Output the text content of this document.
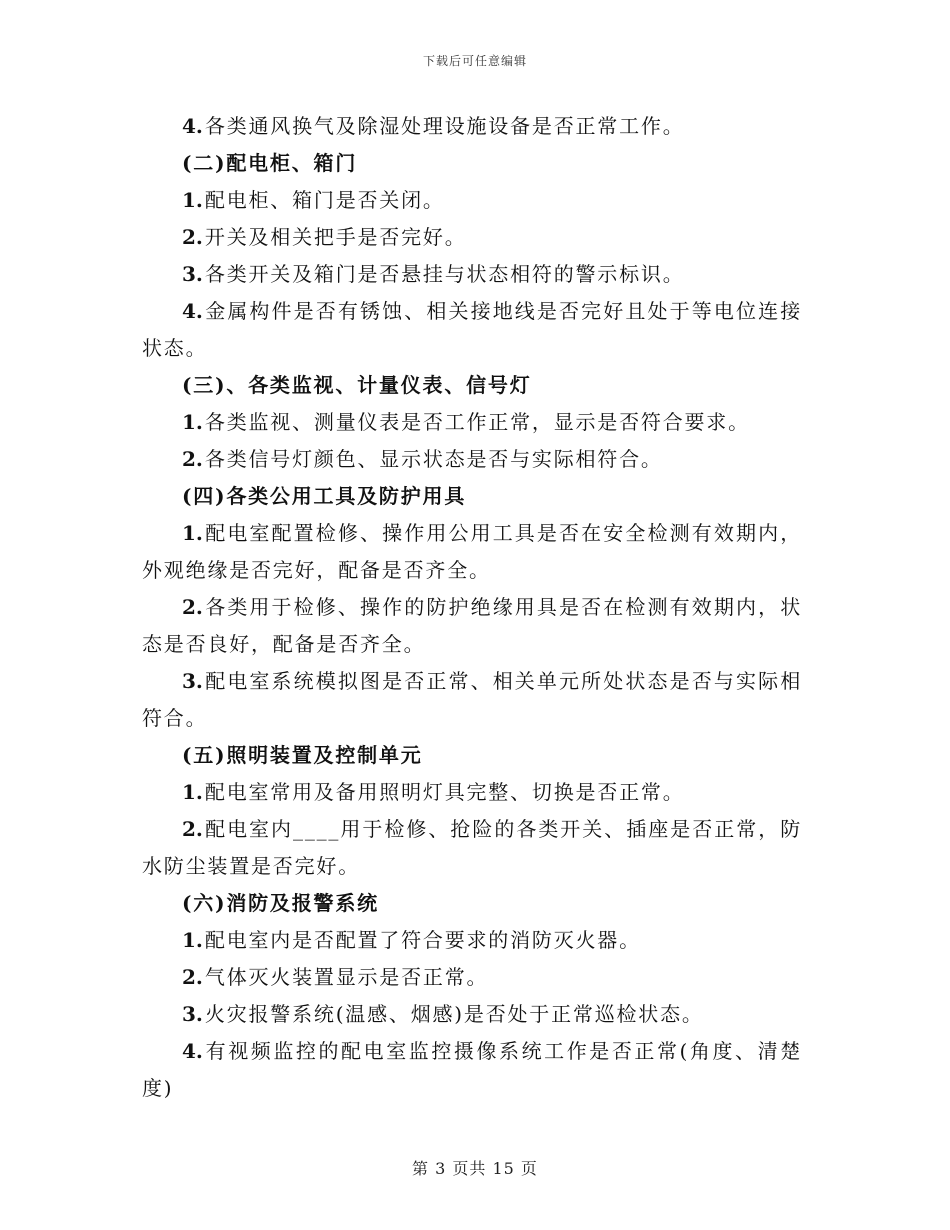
下载后可任意编辑

4. 各类通风换气及除湿处理设施设备是否正常工作。

(二)配电柜、箱门

1. 配电柜、箱门是否关闭。

2. 开关及相关把手是否完好。

3. 各类开关及箱门是否悬挂与状态相符的警示标识。

4. 金属构件是否有锈蚀、相关接地线是否完好且处于等电位连接状态。

(三)、各类监视、计量仪表、信号灯

1. 各类监视、测量仪表是否工作正常，显示是否符合要求。

2. 各类信号灯颜色、显示状态是否与实际相符合。

(四)各类公用工具及防护用具

1. 配电室配置检修、操作用公用工具是否在安全检测有效期内，外观绝缘是否完好，配备是否齐全。

2. 各类用于检修、操作的防护绝缘用具是否在检测有效期内，状态是否良好，配备是否齐全。

3. 配电室系统模拟图是否正常、相关单元所处状态是否与实际相符合。

(五)照明装置及控制单元

1. 配电室常用及备用照明灯具完整、切换是否正常。

2. 配电室内____用于检修、抢险的各类开关、插座是否正常，防水防尘装置是否完好。

(六)消防及报警系统

1. 配电室内是否配置了符合要求的消防灭火器。

2. 气体灭火装置显示是否正常。

3. 火灾报警系统(温感、烟感)是否处于正常巡检状态。

4. 有视频监控的配电室监控摄像系统工作是否正常(角度、清楚度)

第 3 页共 15 页
